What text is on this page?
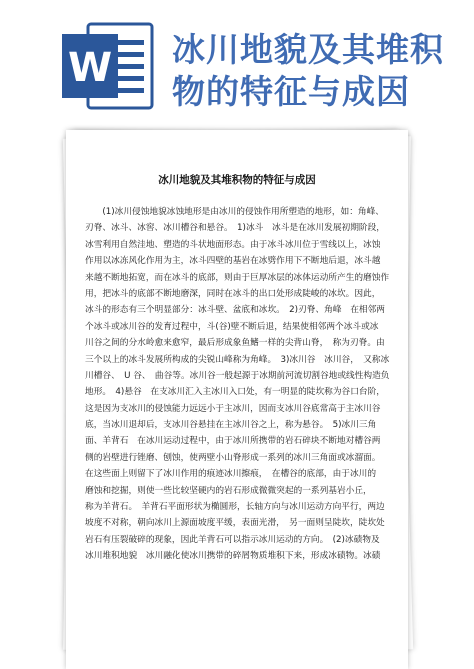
W 冰川地貌及其堆积
物的特征与成因
冰川地貌及其堆积物的特征与成因
　　(1)冰川侵蚀地貌冰蚀地形是由冰川的侵蚀作用所塑造的地形，如：角峰、
刃脊、冰斗、冰窖、冰川槽谷和悬谷。　1)冰斗　冰斗是在冰川发展初期阶段，
冰雪利用自然洼地、塑造的斗状地面形态。由于冰斗冰川位于雪线以上，冰蚀
作用以冰冻风化作用为主，冰斗四壁的基岩在冰劈作用下不断地后退，冰斗越
来越不断地拓宽，而在冰斗的底部，则由于巨厚冰层的冰体运动所产生的磨蚀作
用，把冰斗的底部不断地磨深，同时在冰斗的出口处形成陡峻的冰坎。因此，
冰斗的形态有三个明显部分：冰斗壁、盆底和冰坎。　2)刃脊、角峰　在相邻两
个冰斗或冰川谷的发育过程中，斗(谷)壁不断后退，结果使相邻两个冰斗或冰
川谷之间的分水岭愈来愈窄，最后形成象鱼鳍一样的尖背山脊，　称为刃脊。由
三个以上的冰斗发展所构成的尖锐山峰称为角峰。　3)冰川谷　冰川谷，　又称冰
川槽谷、　U 谷、　曲谷等。冰川谷一般起源于冰期前河流切割谷地或线性构造负
地形。　4)悬谷　在支冰川汇入主冰川入口处，有一明显的陡坎称为谷口台阶，
这是因为支冰川的侵蚀能力远远小于主冰川，因而支冰川谷底常高于主冰川谷
底，当冰川退却后，支冰川谷悬挂在主冰川谷之上，称为悬谷。　5)冰川三角
面、羊背石　在冰川运动过程中，由于冰川所携带的岩石碎块不断地对槽谷两
侧的岩壁进行锉磨、刨蚀，使两壁小山脊形成一系列的冰川三角面或冰溜面。
在这些面上则留下了冰川作用的痕迹冰川擦痕，　在槽谷的底部，由于冰川的
磨蚀和挖掘，则使一些比较坚硬内的岩石形成微微突起的一系列基岩小丘，
称为羊背石。　羊背石平面形状为椭圆形，长轴方向与冰川运动方向平行，两边
坡度不对称，朝向冰川上源面坡度平缓，表面光滑，　另一面则呈陡坎，陡坎处
岩石有压裂破碎的现象，因此羊背石可以指示冰川运动的方向。　(2)冰碛物及
冰川堆积地貌　冰川融化使冰川携带的碎屑物质堆积下来，形成冰碛物。冰碛
